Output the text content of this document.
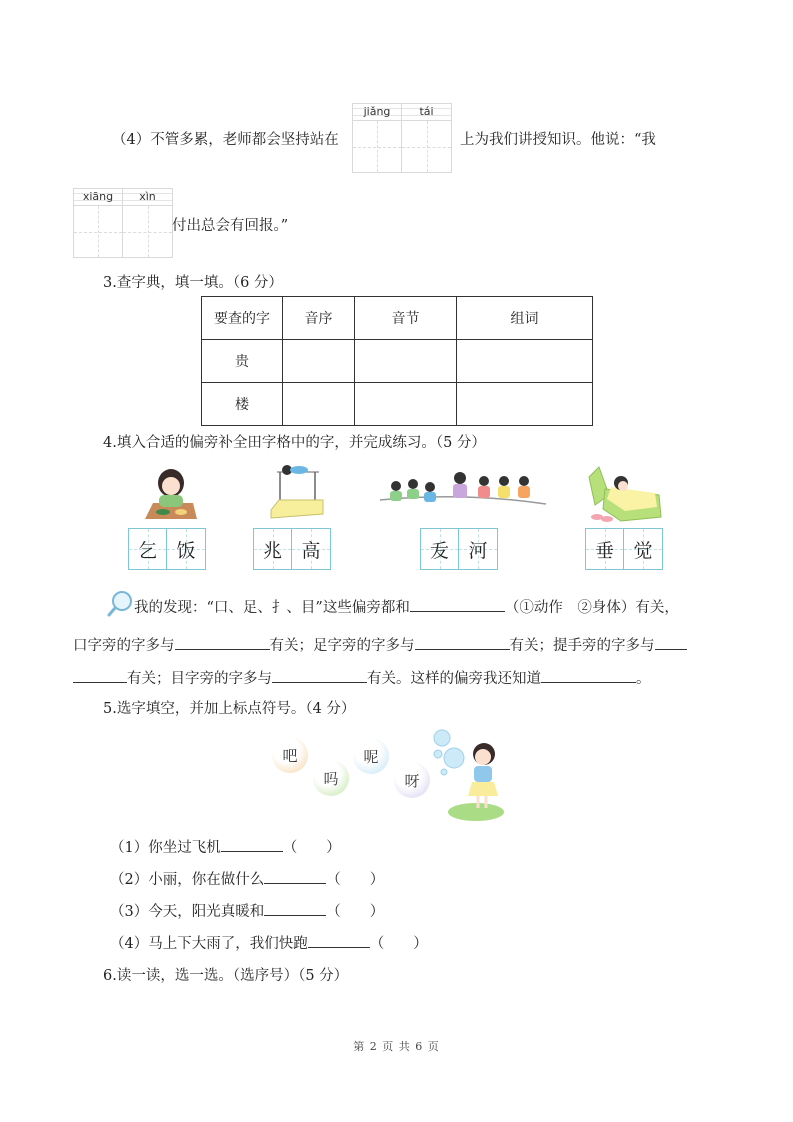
（4）不管多累，老师都会坚持站在
jiǎng	tái
上为我们讲授知识。他说：“我
xiāng	xìn
付出总会有回报。”
3.查字典，填一填。（6 分）
要查的字	音序	音节	组词
贵			
楼			
4.填入合适的偏旁补全田字格中的字，并完成练习。（5 分）
乞 饭	兆 高	叐 河	垂 觉
我的发现：“口、足、扌、目”这些偏旁都和	（①动作　②身体）有关，
口字旁的字多与	有关；足字旁的字多与	有关；提手旁的字多与
有关；目字旁的字多与	有关。这样的偏旁我还知道	。
5.选字填空，并加上标点符号。（4 分）
吧
吗
呢
呀
（1）你坐过飞机	（　　）
（2）小丽，你在做什么	（　　）
（3）今天，阳光真暖和	（　　）
（4）马上下大雨了，我们快跑	（　　）
6.读一读，选一选。（选序号）（5 分）
第 2 页 共 6 页
